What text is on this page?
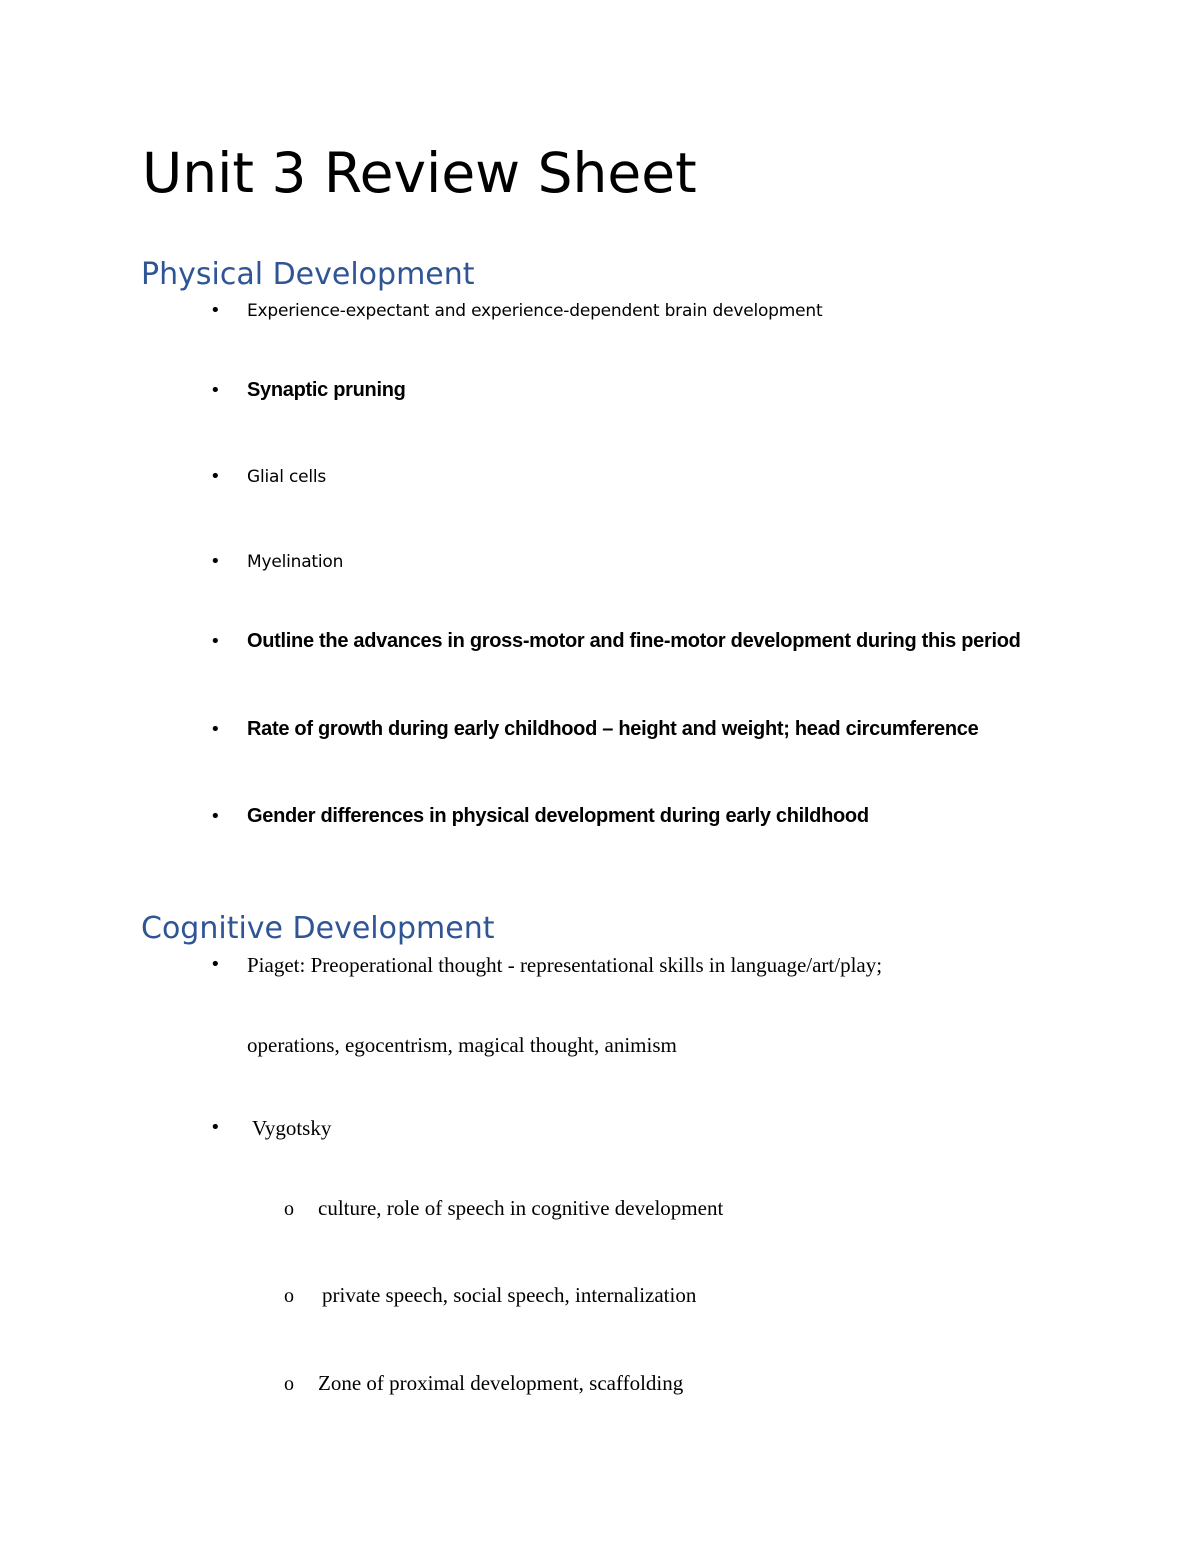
Unit 3 Review Sheet
Physical Development
• Experience-expectant and experience-dependent brain development
• Synaptic pruning
• Glial cells
• Myelination
• Outline the advances in gross-motor and fine-motor development during this period
• Rate of growth during early childhood – height and weight; head circumference
• Gender differences in physical development during early childhood
Cognitive Development
• Piaget: Preoperational thought - representational skills in language/art/play;
operations, egocentrism, magical thought, animism
• Vygotsky
o culture, role of speech in cognitive development
o private speech, social speech, internalization
o Zone of proximal development, scaffolding
